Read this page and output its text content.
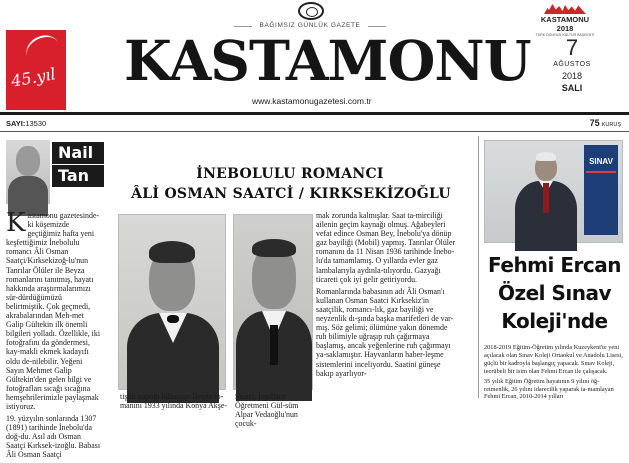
45.yıl
BAĞIMSIZ GÜNLÜK GAZETE
KASTAMONU
www.kastamonugazetesi.com.tr
KASTAMONU 2018
TÜRK DÜNYASI KÜLTÜR BAŞKENTİ
7
AĞUSTOS
2018
SALI
SAYI:13530	75 KURUŞ
Nail
Tan	İNEBOLULU ROMANCI
ÂLİ OSMAN SAATCİ / KIRKSEKİZOĞLU

Kastamonu gazetesinde-ki köşemizde geçtiğimiz hafta yeni keşfettiğimiz İnebolulu romancı Âli Osman Saatçi/Kırksekizoğ-lu'nun Tanrılar Ölüler ile Beyza romanlarını tanıtmış, hayatı hakkında araştırmalarımızı sür-dürdüğümüzü belirtmiştik. Çok geçmedi, akrabalarından Meh-met Galip Gültekin ilk önemli bilgileri yolladı. Özellikle, iki fotoğrafını da göndermesi, kay-makli ekmek kadayıfı oldu de-nilebilir. Yeğeni Sayın Mehmet Galip Gültekin'den gelen bilgi ve fotoğrafları sıcağı sıcağına hemşehrilerimizle paylaşmak istiyoruz.

19. yüzyılın sonlarında 1307 (1891) tarihinde İnebolu'da doğ-du. Asıl adı Osman Saatçi Kırksek-izoğlu. Babası Âli Osman Saatçi

tişlik yaptığı biliniyor. Beyza ro-manını 1933 yılında Konya Akşe-
Saatci, İngilizce Öğretmeni Gül-süm Alpar Vedaoğlu'nun çocuk-

mak zorunda kalmışlar. Saat ta-mirciliği ailenin geçim kaynağı olmuş. Ağabeyleri vefat edince Osman Bey, İnebolu'ya dönüp gaz bayiliği (Mobil) yapmış. Tanrılar Ölüler romanını da 11 Nisan 1936 tarihinde İnebo-lu'da tamamlamış. O yıllarda evler gaz lambalarıyla aydınla-tılıyordu. Gazyağı ticareti çok iyi gelir getiriyordu.

Romanlarında babasının adı Âli Osman'ı kullanan Osman Saatci Kırksekiz'in saatçilik, romancı-lık, gaz bayiliği ve neyzenlik dı-şında başka marifetleri de var-mış. Söz gelimi; ölümüne yakın dönemde ruh bilimiyle uğraşıp ruh çağırmaya başlamış, ancak yeğenlerine ruh çağırmayı ya-saklamıştır. Hayvanların haber-leşme sistemlerini inceliyordu. Saatini güneşe bakıp ayarlıyor-

SINAV
Fehmi Ercan
Özel Sınav
Koleji'nde

2018-2019 Eğitim-Öğretim yılında Kuzeykent'te yeni açılacak olan Sınav Koleji Ortaokul ve Anadolu Lisesi, güçlü bir kadroyla başlangıç yapacak. Sınav Koleji, tecrübeli bir isim olan Fehmi Ercan ile çalışacak.

35 yılık Eğitim Öğretim hayatının 9 yılını öğ-retmenlik, 26 yılını idarecilik yaparak ta-mamlayan Fehmi Ercan, 2010-2014 yılları
